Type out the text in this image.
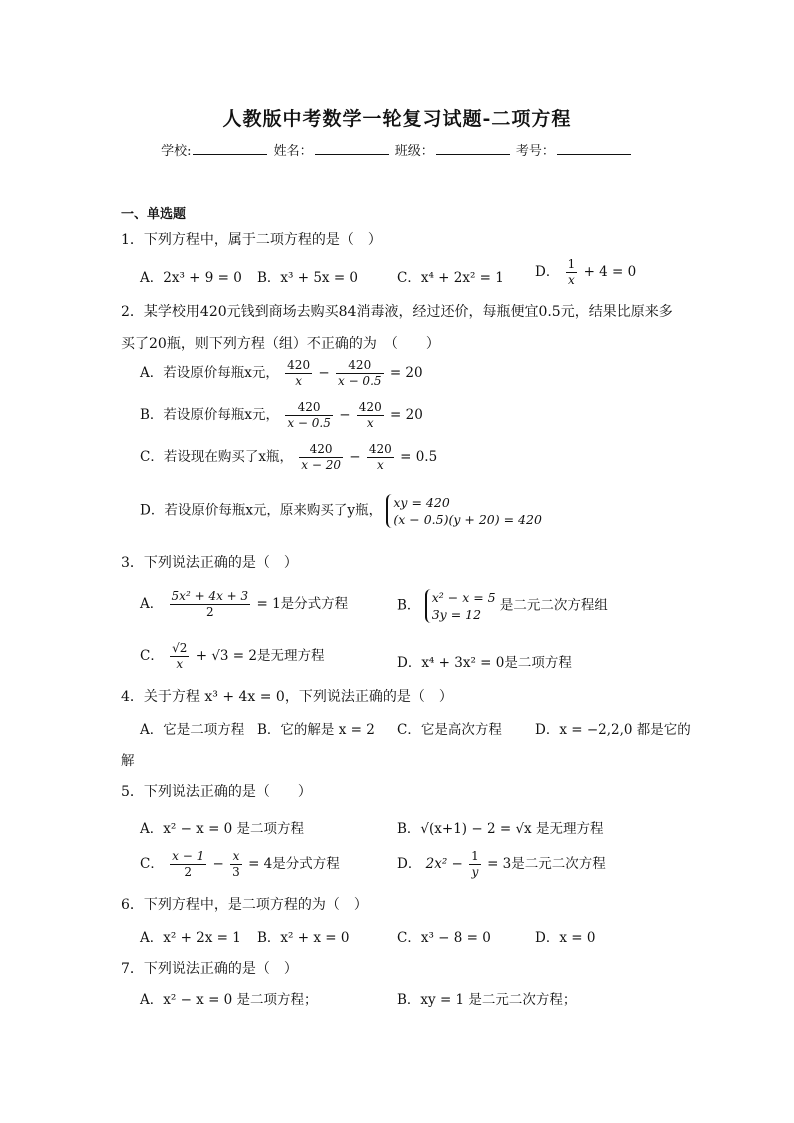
人教版中考数学一轮复习试题-二项方程
学校:	姓名：	班级：	考号：
一、单选题
1．下列方程中，属于二项方程的是（　）
A．2x³ + 9 = 0 B．x³ + 5x = 0	C．x⁴ + 2x² = 1 D． $\frac{1}{x} + 4 = 0$
2．某学校用420元钱到商场去购买84消毒液，经过还价，每瓶便宜0.5元，结果比原来多
买了20瓶，则下列方程（组）不正确的为　（　　）
A．若设原价每瓶x元， $\frac{420}{x} - \frac{420}{x - 0.5} = 20$
B．若设原价每瓶x元， $\frac{420}{x - 0.5} - \frac{420}{x} = 20$
C．若设现在购买了x瓶， $\frac{420}{x - 20} - \frac{420}{x} = 0.5$
D．若设原价每瓶x元，原来购买了y瓶， xy = 420
(x − 0.5)(y + 20) = 420
3．下列说法正确的是（　）
A． $\frac{\text{5x² + 4x + 3}}{2} = 1$是分式方程	B． x² − x = 5
3y = 12
是二元二次方程组
C． $\frac{√2}{x} + √3 = 2$是无理方程	D．x⁴ + 3x² = 0是二项方程
4．关于方程 x³ + 4x = 0，下列说法正确的是（　）
A．它是二项方程 B．它的解是 x = 2 C．它是高次方程 D．x = −2,2,0 都是它的
解
5．下列说法正确的是（　　）
A．x² − x = 0 是二项方程	B．√(x+1) − 2 = √x 是无理方程
C． $\frac{x - 1}{2} - \frac{x}{3} = 4$是分式方程	D． $2x^2 - \frac{1}{y} = 3$是二元二次方程
6．下列方程中，是二项方程的为（　）
A．x² + 2x = 1 B．x² + x = 0	C．x³ − 8 = 0	D．x = 0
7．下列说法正确的是（　）
A．x² − x = 0 是二项方程；	B．xy = 1 是二元二次方程；
